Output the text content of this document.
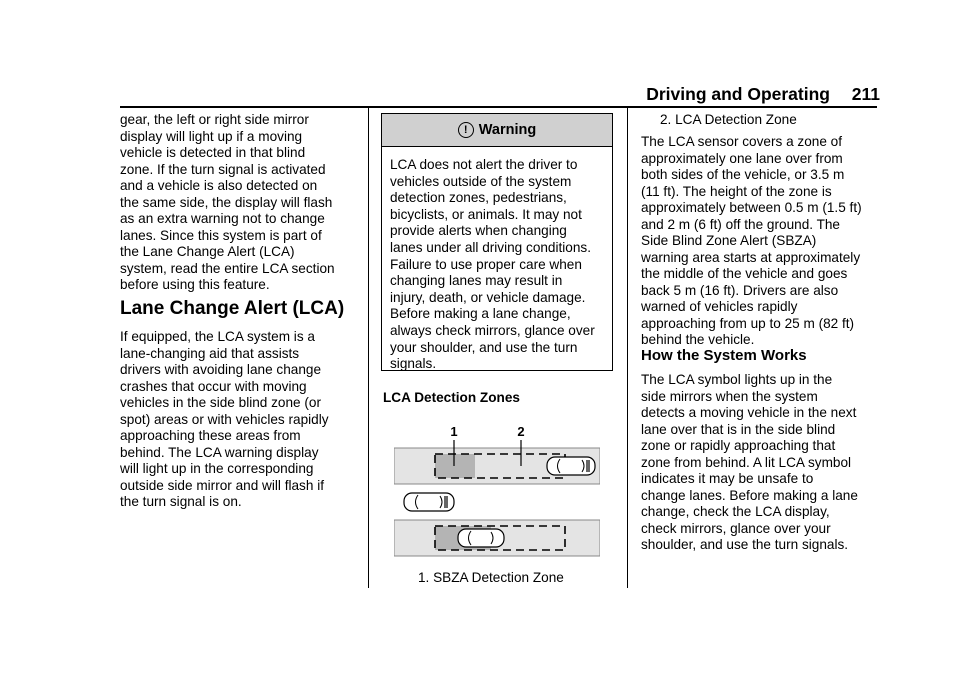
Driving and Operating	211
gear, the left or right side mirror
display will light up if a moving
vehicle is detected in that blind
zone. If the turn signal is activated
and a vehicle is also detected on
the same side, the display will flash
as an extra warning not to change
lanes. Since this system is part of
the Lane Change Alert (LCA)
system, read the entire LCA section
before using this feature.
Lane Change Alert (LCA)
If equipped, the LCA system is a
lane-changing aid that assists
drivers with avoiding lane change
crashes that occur with moving
vehicles in the side blind zone (or
spot) areas or with vehicles rapidly
approaching these areas from
behind. The LCA warning display
will light up in the corresponding
outside side mirror and will flash if
the turn signal is on.
! Warning
LCA does not alert the driver to
vehicles outside of the system
detection zones, pedestrians,
bicyclists, or animals. It may not
provide alerts when changing
lanes under all driving conditions.
Failure to use proper care when
changing lanes may result in
injury, death, or vehicle damage.
Before making a lane change,
always check mirrors, glance over
your shoulder, and use the turn
signals.
LCA Detection Zones
1	2
1. SBZA Detection Zone
2. LCA Detection Zone
The LCA sensor covers a zone of
approximately one lane over from
both sides of the vehicle, or 3.5 m
(11 ft). The height of the zone is
approximately between 0.5 m (1.5 ft)
and 2 m (6 ft) off the ground. The
Side Blind Zone Alert (SBZA)
warning area starts at approximately
the middle of the vehicle and goes
back 5 m (16 ft). Drivers are also
warned of vehicles rapidly
approaching from up to 25 m (82 ft)
behind the vehicle.
How the System Works
The LCA symbol lights up in the
side mirrors when the system
detects a moving vehicle in the next
lane over that is in the side blind
zone or rapidly approaching that
zone from behind. A lit LCA symbol
indicates it may be unsafe to
change lanes. Before making a lane
change, check the LCA display,
check mirrors, glance over your
shoulder, and use the turn signals.
